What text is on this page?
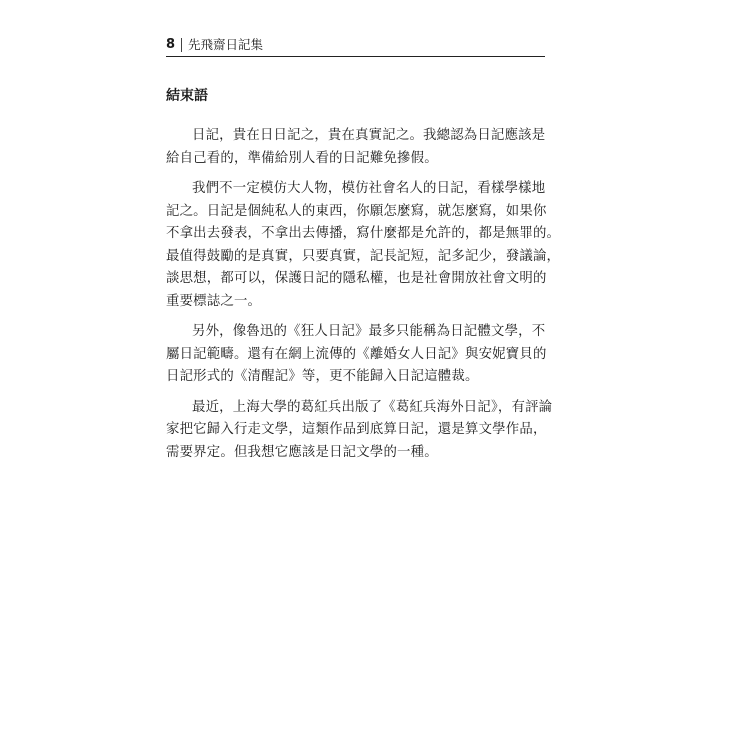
8 先飛齋日記集
結束語

日記，貴在日日記之，貴在真實記之。我總認為日記應該是
給自己看的，準備給別人看的日記難免摻假。

我們不一定模仿大人物，模仿社會名人的日記，看樣學樣地
記之。日記是個純私人的東西，你願怎麼寫，就怎麼寫，如果你
不拿出去發表，不拿出去傳播，寫什麼都是允許的，都是無罪的。
最值得鼓勵的是真實，只要真實，記長記短，記多記少，發議論，
談思想，都可以，保護日記的隱私權，也是社會開放社會文明的
重要標誌之一。

另外，像魯迅的《狂人日記》最多只能稱為日記體文學，不
屬日記範疇。還有在網上流傳的《離婚女人日記》與安妮寶貝的
日記形式的《清醒記》等，更不能歸入日記這體裁。

最近，上海大學的葛紅兵出版了《葛紅兵海外日記》，有評論
家把它歸入行走文學，這類作品到底算日記，還是算文學作品，
需要界定。但我想它應該是日記文學的一種。
